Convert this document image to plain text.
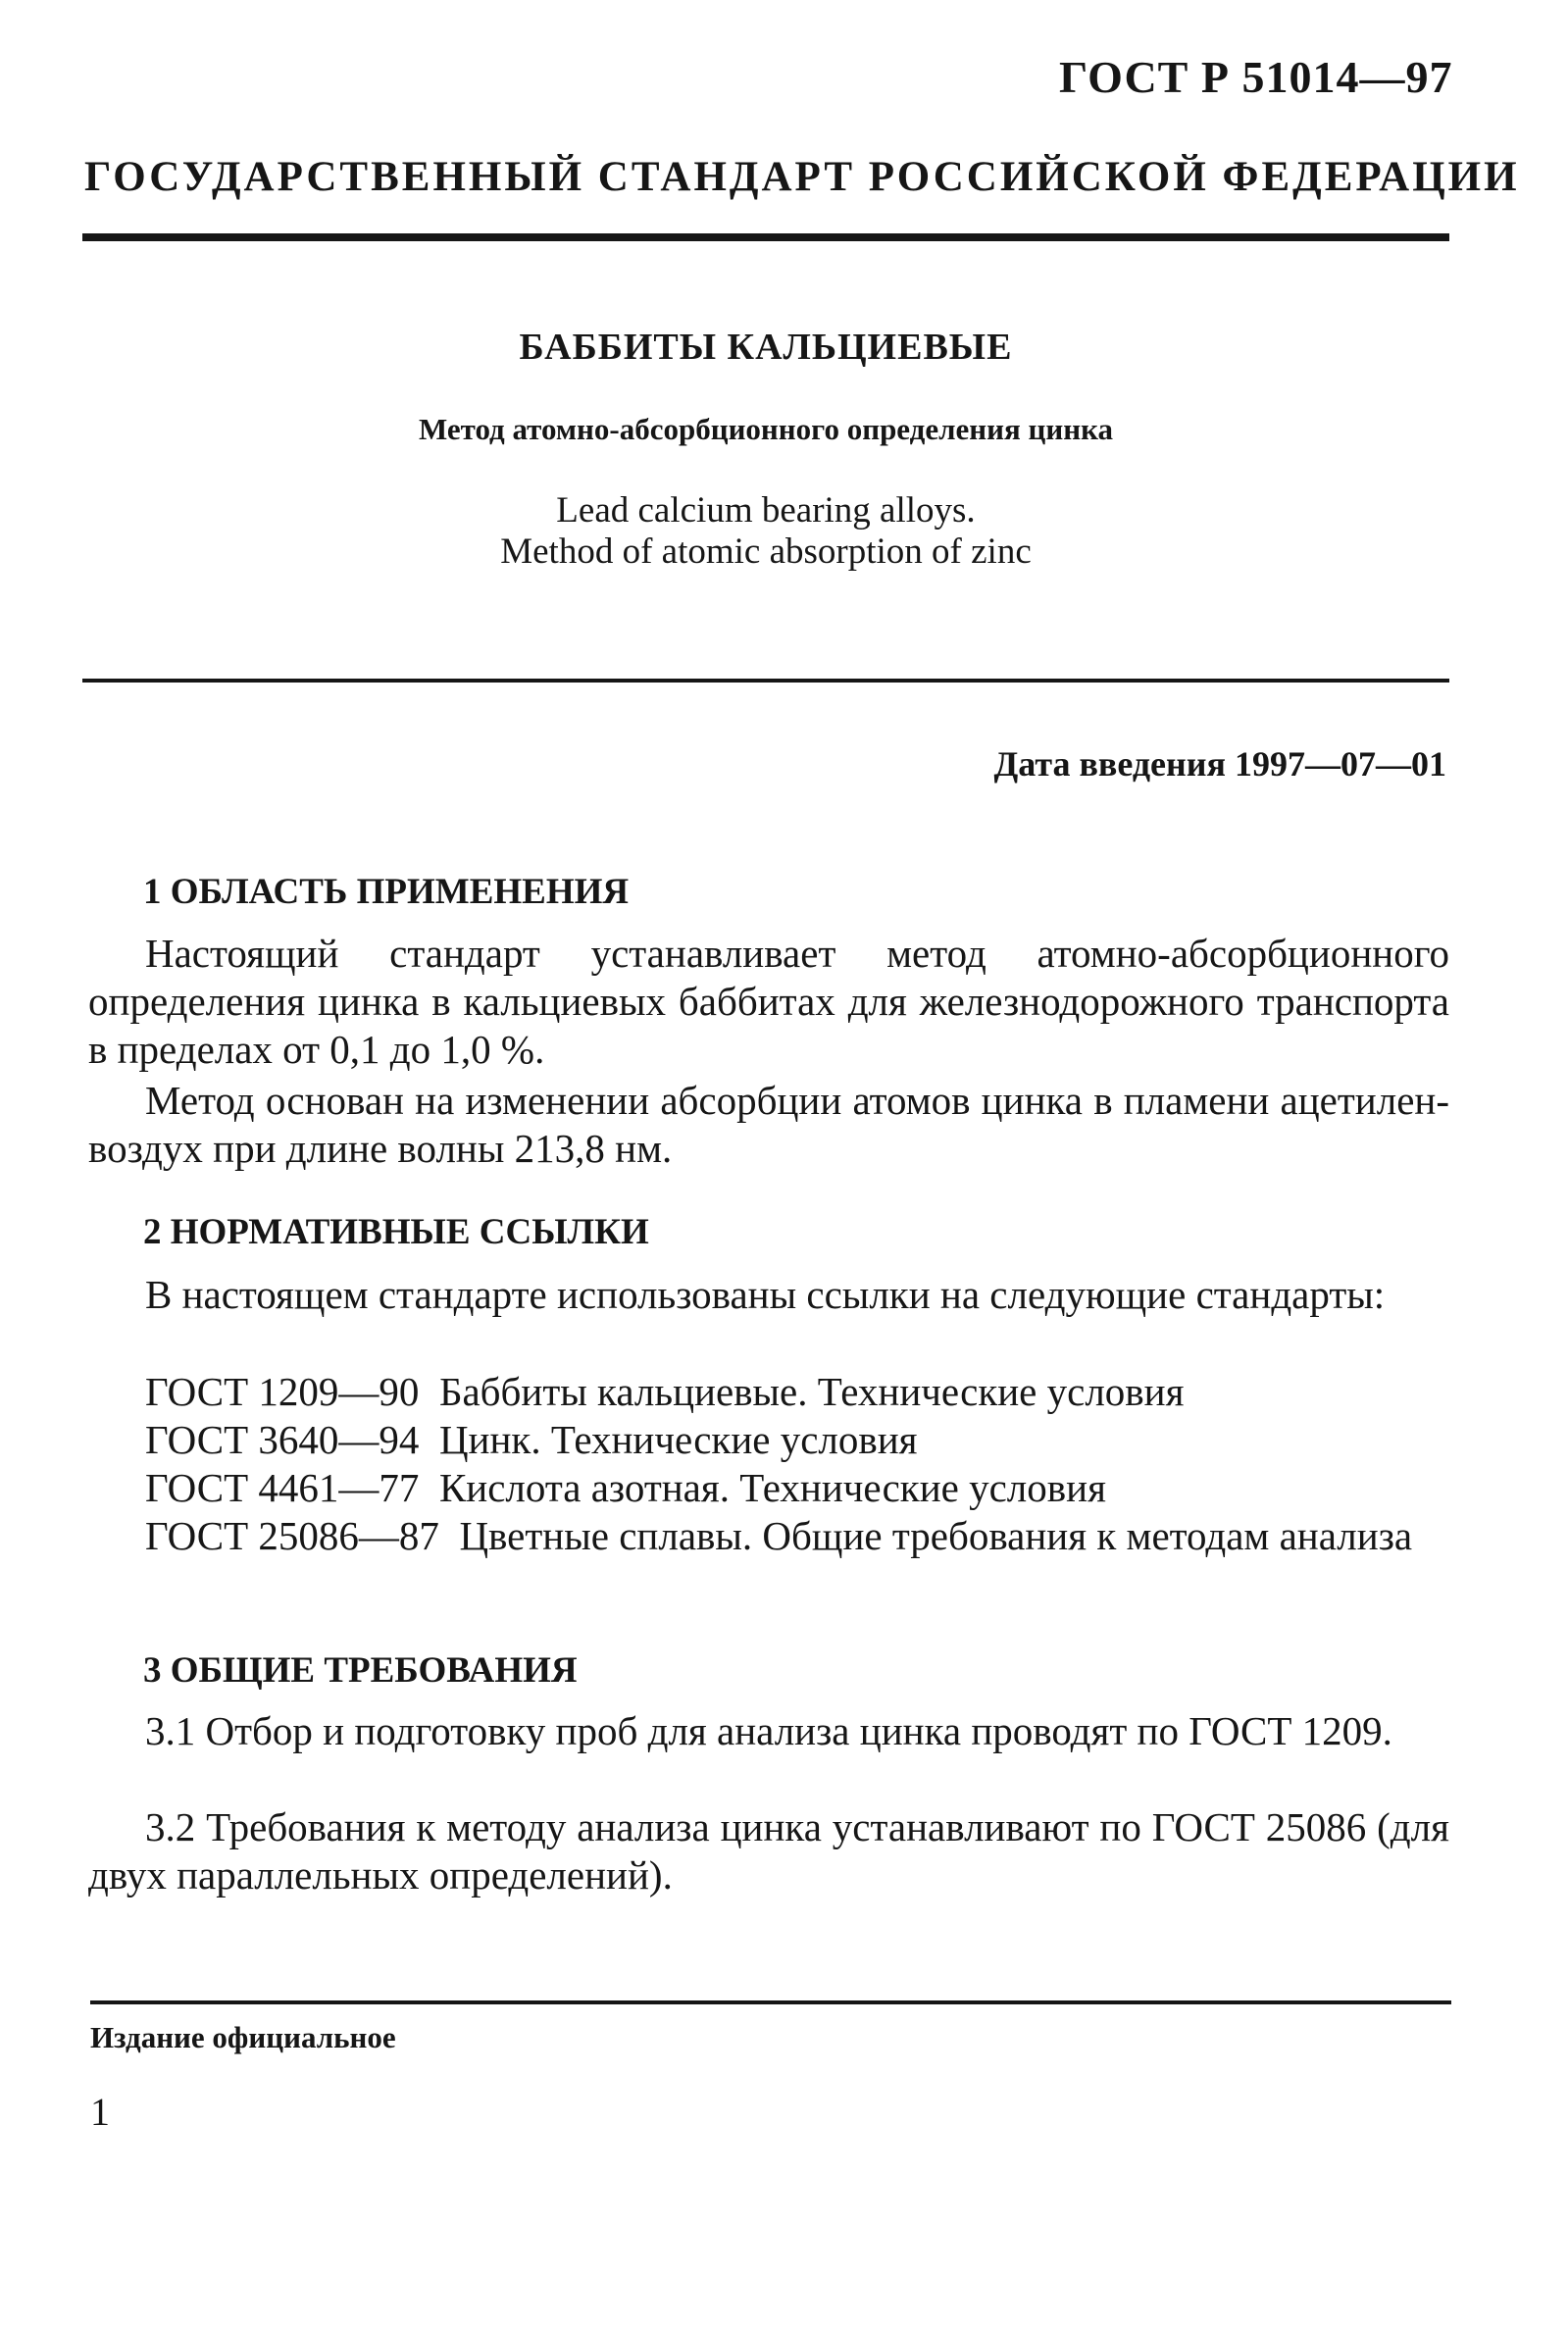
ГОСТ Р 51014—97
ГОСУДАРСТВЕННЫЙ СТАНДАРТ РОССИЙСКОЙ ФЕДЕРАЦИИ
БАББИТЫ КАЛЬЦИЕВЫЕ
Метод атомно-абсорбционного определения цинка
Lead calcium bearing alloys.
Method of atomic absorption of zinc
Дата введения 1997—07—01
1 ОБЛАСТЬ ПРИМЕНЕНИЯ

Настоящий стандарт устанавливает метод атомно-абсорбционного определения цинка в кальциевых баббитах для железнодорожного транспорта в пределах от 0,1 до 1,0 %.

Метод основан на изменении абсорбции атомов цинка в пламени ацетилен-воздух при длине волны 213,8 нм.

2 НОРМАТИВНЫЕ ССЫЛКИ

В настоящем стандарте использованы ссылки на следующие стандарты:

ГОСТ 1209—90 Баббиты кальциевые. Технические условия
ГОСТ 3640—94 Цинк. Технические условия
ГОСТ 4461—77 Кислота азотная. Технические условия
ГОСТ 25086—87 Цветные сплавы. Общие требования к методам анализа
3 ОБЩИЕ ТРЕБОВАНИЯ

3.1 Отбор и подготовку проб для анализа цинка проводят по ГОСТ 1209.

3.2 Требования к методу анализа цинка устанавливают по ГОСТ 25086 (для двух параллельных определений).

Издание официальное
1
